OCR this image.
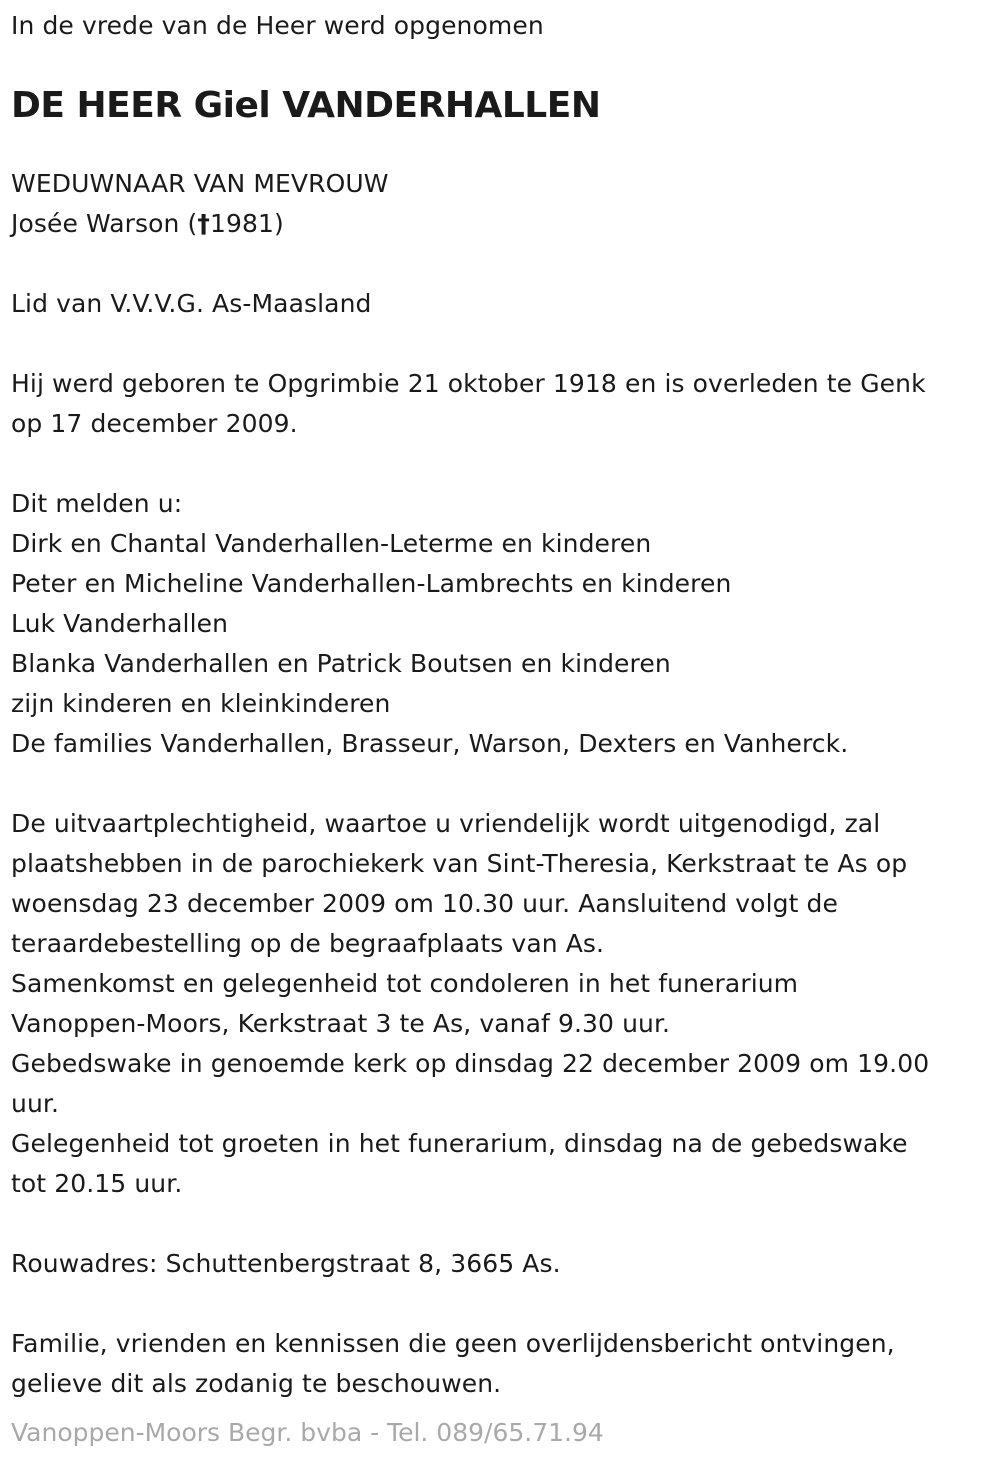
In de vrede van de Heer werd opgenomen

DE HEER Giel VANDERHALLEN

WEDUWNAAR VAN MEVROUW

Josée Warson (†1981)

Lid van V.V.V.G. As-Maasland

Hij werd geboren te Opgrimbie 21 oktober 1918 en is overleden te Genk

op 17 december 2009.

Dit melden u:

Dirk en Chantal Vanderhallen-Leterme en kinderen

Peter en Micheline Vanderhallen-Lambrechts en kinderen

Luk Vanderhallen

Blanka Vanderhallen en Patrick Boutsen en kinderen

zijn kinderen en kleinkinderen

De families Vanderhallen, Brasseur, Warson, Dexters en Vanherck.

De uitvaartplechtigheid, waartoe u vriendelijk wordt uitgenodigd, zal

plaatshebben in de parochiekerk van Sint-Theresia, Kerkstraat te As op

woensdag 23 december 2009 om 10.30 uur. Aansluitend volgt de

teraardebestelling op de begraafplaats van As.

Samenkomst en gelegenheid tot condoleren in het funerarium

Vanoppen-Moors, Kerkstraat 3 te As, vanaf 9.30 uur.

Gebedswake in genoemde kerk op dinsdag 22 december 2009 om 19.00

uur.

Gelegenheid tot groeten in het funerarium, dinsdag na de gebedswake

tot 20.15 uur.

Rouwadres: Schuttenbergstraat 8, 3665 As.

Familie, vrienden en kennissen die geen overlijdensbericht ontvingen,

gelieve dit als zodanig te beschouwen.

Vanoppen-Moors Begr. bvba - Tel. 089/65.71.94
